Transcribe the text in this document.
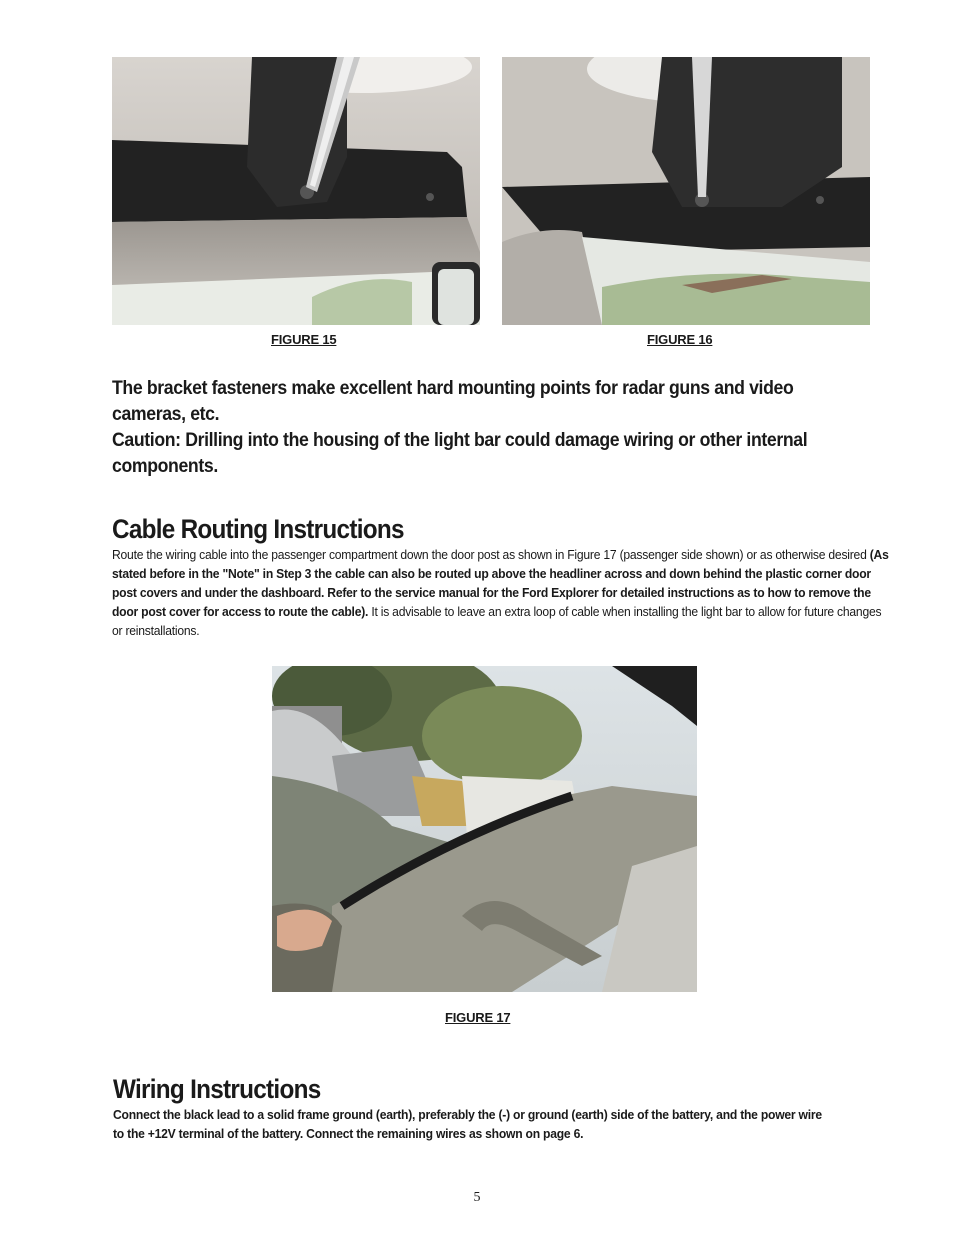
FIGURE 15	FIGURE 16

The bracket fasteners make excellent hard mounting points for radar guns and video cameras, etc.

Caution: Drilling into the housing of the light bar could damage wiring or other internal components.

Cable Routing Instructions
Route the wiring cable into the passenger compartment down the door post as shown in Figure 17 (passenger side shown) or as otherwise desired (As stated before in the "Note" in Step 3 the cable can also be routed up above the headliner across and down behind the plastic corner door post covers and under the dashboard. Refer to the service manual for the Ford Explorer for detailed instructions as to how to remove the door post cover for access to route the cable). It is advisable to leave an extra loop of cable when installing the light bar to allow for future changes or reinstallations.
FIGURE 17
Wiring Instructions
Connect the black lead to a solid frame ground (earth), preferably the (-) or ground (earth) side of the battery, and the power wire to the +12V terminal of the battery. Connect the remaining wires as shown on page 6.
5
